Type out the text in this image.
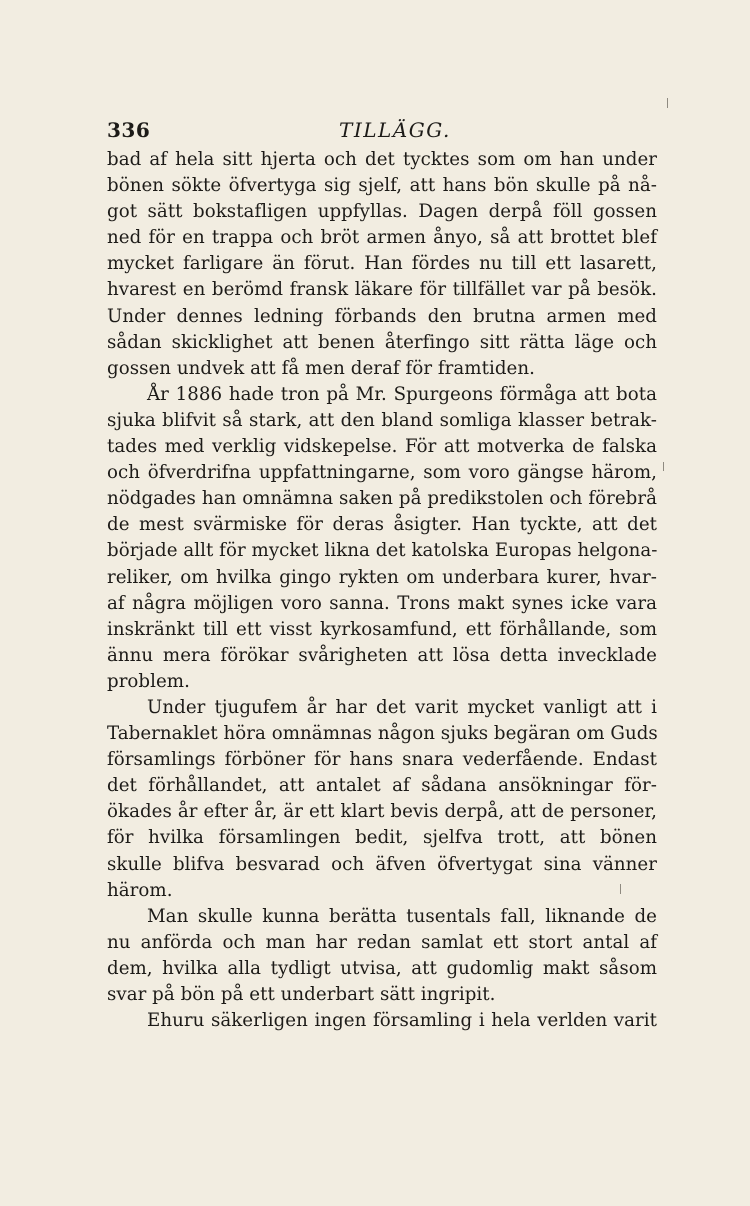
336	TILLÄGG.
bad af hela sitt hjerta och det tycktes som om han under
bönen sökte öfvertyga sig sjelf, att hans bön skulle på nå-
got sätt bokstafligen uppfyllas. Dagen derpå föll gossen
ned för en trappa och bröt armen ånyo, så att brottet blef
mycket farligare än förut. Han fördes nu till ett lasarett,
hvarest en berömd fransk läkare för tillfället var på besök.
Under dennes ledning förbands den brutna armen med
sådan skicklighet att benen återfingo sitt rätta läge och
gossen undvek att få men deraf för framtiden.
År 1886 hade tron på Mr. Spurgeons förmåga att bota
sjuka blifvit så stark, att den bland somliga klasser betrak-
tades med verklig vidskepelse. För att motverka de falska
och öfverdrifna uppfattningarne, som voro gängse härom,
nödgades han omnämna saken på predikstolen och förebrå
de mest svärmiske för deras åsigter. Han tyckte, att det
började allt för mycket likna det katolska Europas helgona-
reliker, om hvilka gingo rykten om underbara kurer, hvar-
af några möjligen voro sanna. Trons makt synes icke vara
inskränkt till ett visst kyrkosamfund, ett förhållande, som
ännu mera förökar svårigheten att lösa detta invecklade
problem.
Under tjugufem år har det varit mycket vanligt att i
Tabernaklet höra omnämnas någon sjuks begäran om Guds
församlings förböner för hans snara vederfående. Endast
det förhållandet, att antalet af sådana ansökningar för-
ökades år efter år, är ett klart bevis derpå, att de personer,
för hvilka församlingen bedit, sjelfva trott, att bönen
skulle blifva besvarad och äfven öfvertygat sina vänner
härom.
Man skulle kunna berätta tusentals fall, liknande de
nu anförda och man har redan samlat ett stort antal af
dem, hvilka alla tydligt utvisa, att gudomlig makt såsom
svar på bön på ett underbart sätt ingripit.
Ehuru säkerligen ingen församling i hela verlden varit
